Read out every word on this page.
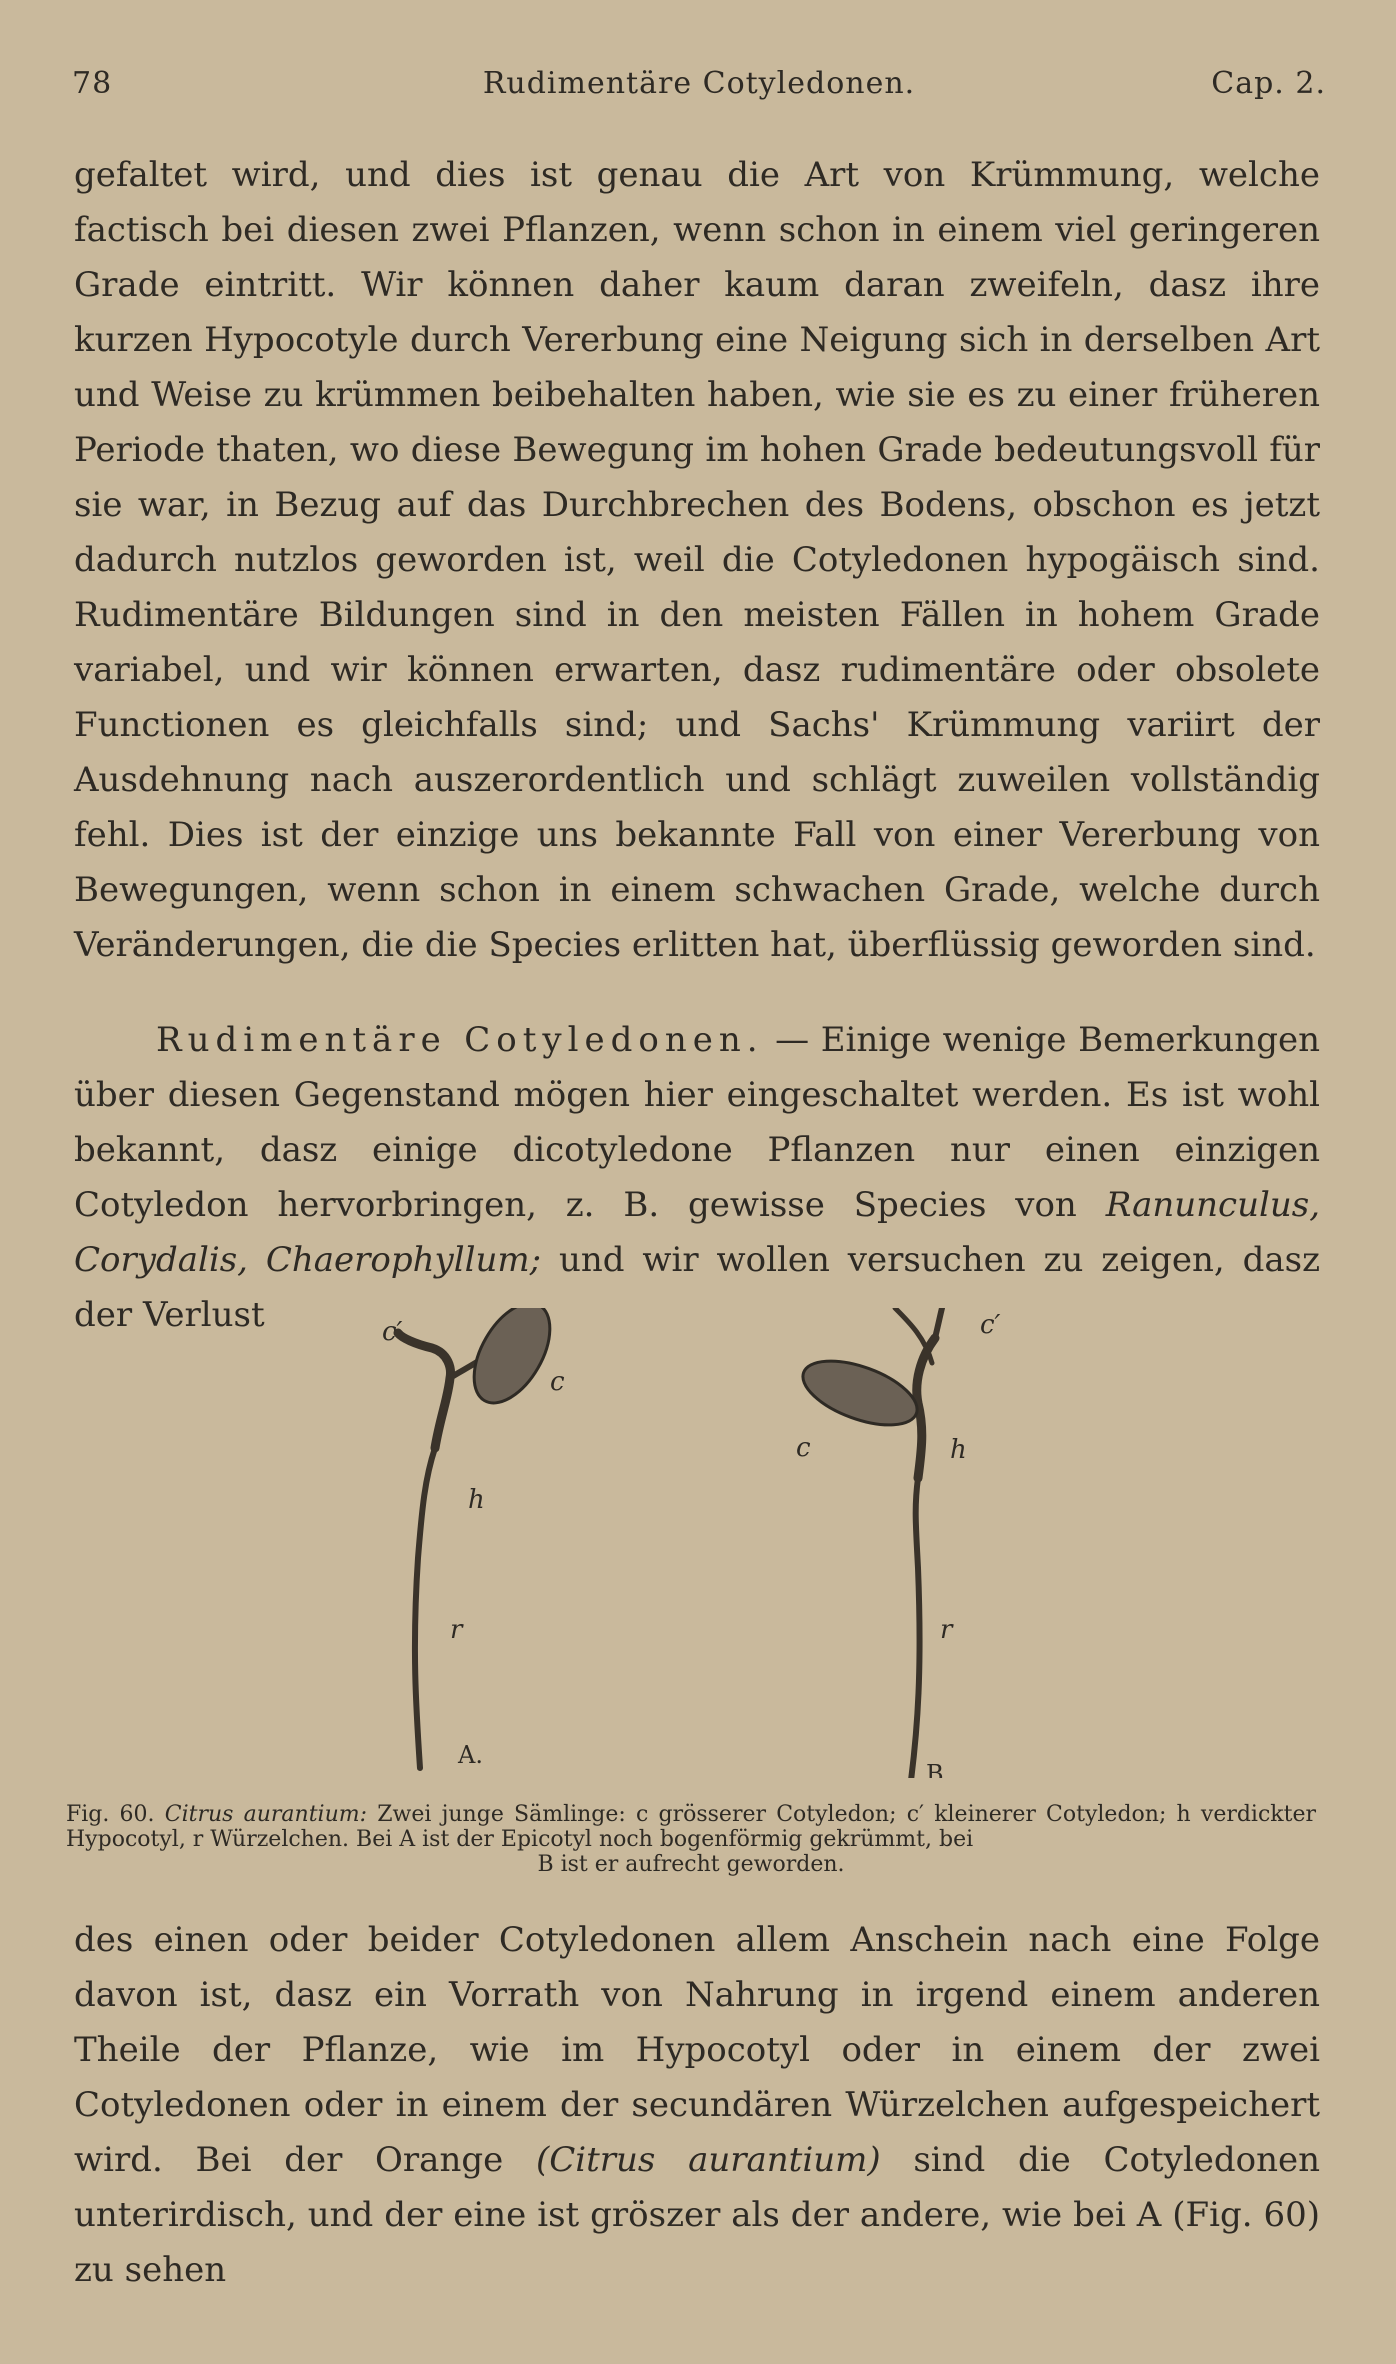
78	Rudimentäre Cotyledonen.	Cap. 2.

gefaltet wird, und dies ist genau die Art von Krümmung, welche factisch bei diesen zwei Pflanzen, wenn schon in einem viel geringeren Grade eintritt. Wir können daher kaum daran zweifeln, dasz ihre kurzen Hypocotyle durch Vererbung eine Neigung sich in derselben Art und Weise zu krümmen beibehalten haben, wie sie es zu einer früheren Periode thaten, wo diese Bewegung im hohen Grade bedeutungsvoll für sie war, in Bezug auf das Durchbrechen des Bodens, obschon es jetzt dadurch nutzlos geworden ist, weil die Cotyledonen hypogäisch sind. Rudimentäre Bildungen sind in den meisten Fällen in hohem Grade variabel, und wir können erwarten, dasz rudimentäre oder obsolete Functionen es gleichfalls sind; und Sachs' Krümmung variirt der Ausdehnung nach auszerordentlich und schlägt zuweilen vollständig fehl. Dies ist der einzige uns bekannte Fall von einer Vererbung von Bewegungen, wenn schon in einem schwachen Grade, welche durch Veränderungen, die die Species erlitten hat, überflüssig geworden sind.

Rudimentäre Cotyledonen. — Einige wenige Bemerkungen über diesen Gegenstand mögen hier eingeschaltet werden. Es ist wohl bekannt, dasz einige dicotyledone Pflanzen nur einen einzigen Cotyledon hervorbringen, z. B. gewisse Species von Ranunculus, Corydalis, Chaerophyllum; und wir wollen versuchen zu zeigen, dasz der Verlust	c′
c
h
r
c′
c	h
r
A.
B.
Fig. 60. Citrus aurantium: Zwei junge Sämlinge: c grösserer Cotyledon; c′ kleinerer Cotyledon; h verdickter Hypocotyl, r Würzelchen. Bei A ist der Epicotyl noch bogenförmig gekrümmt, bei
B ist er aufrecht geworden.

des einen oder beider Cotyledonen allem Anschein nach eine Folge davon ist, dasz ein Vorrath von Nahrung in irgend einem anderen Theile der Pflanze, wie im Hypocotyl oder in einem der zwei Cotyledonen oder in einem der secundären Würzelchen aufgespeichert wird. Bei der Orange (Citrus aurantium) sind die Cotyledonen unterirdisch, und der eine ist gröszer als der andere, wie bei A (Fig. 60) zu sehen
